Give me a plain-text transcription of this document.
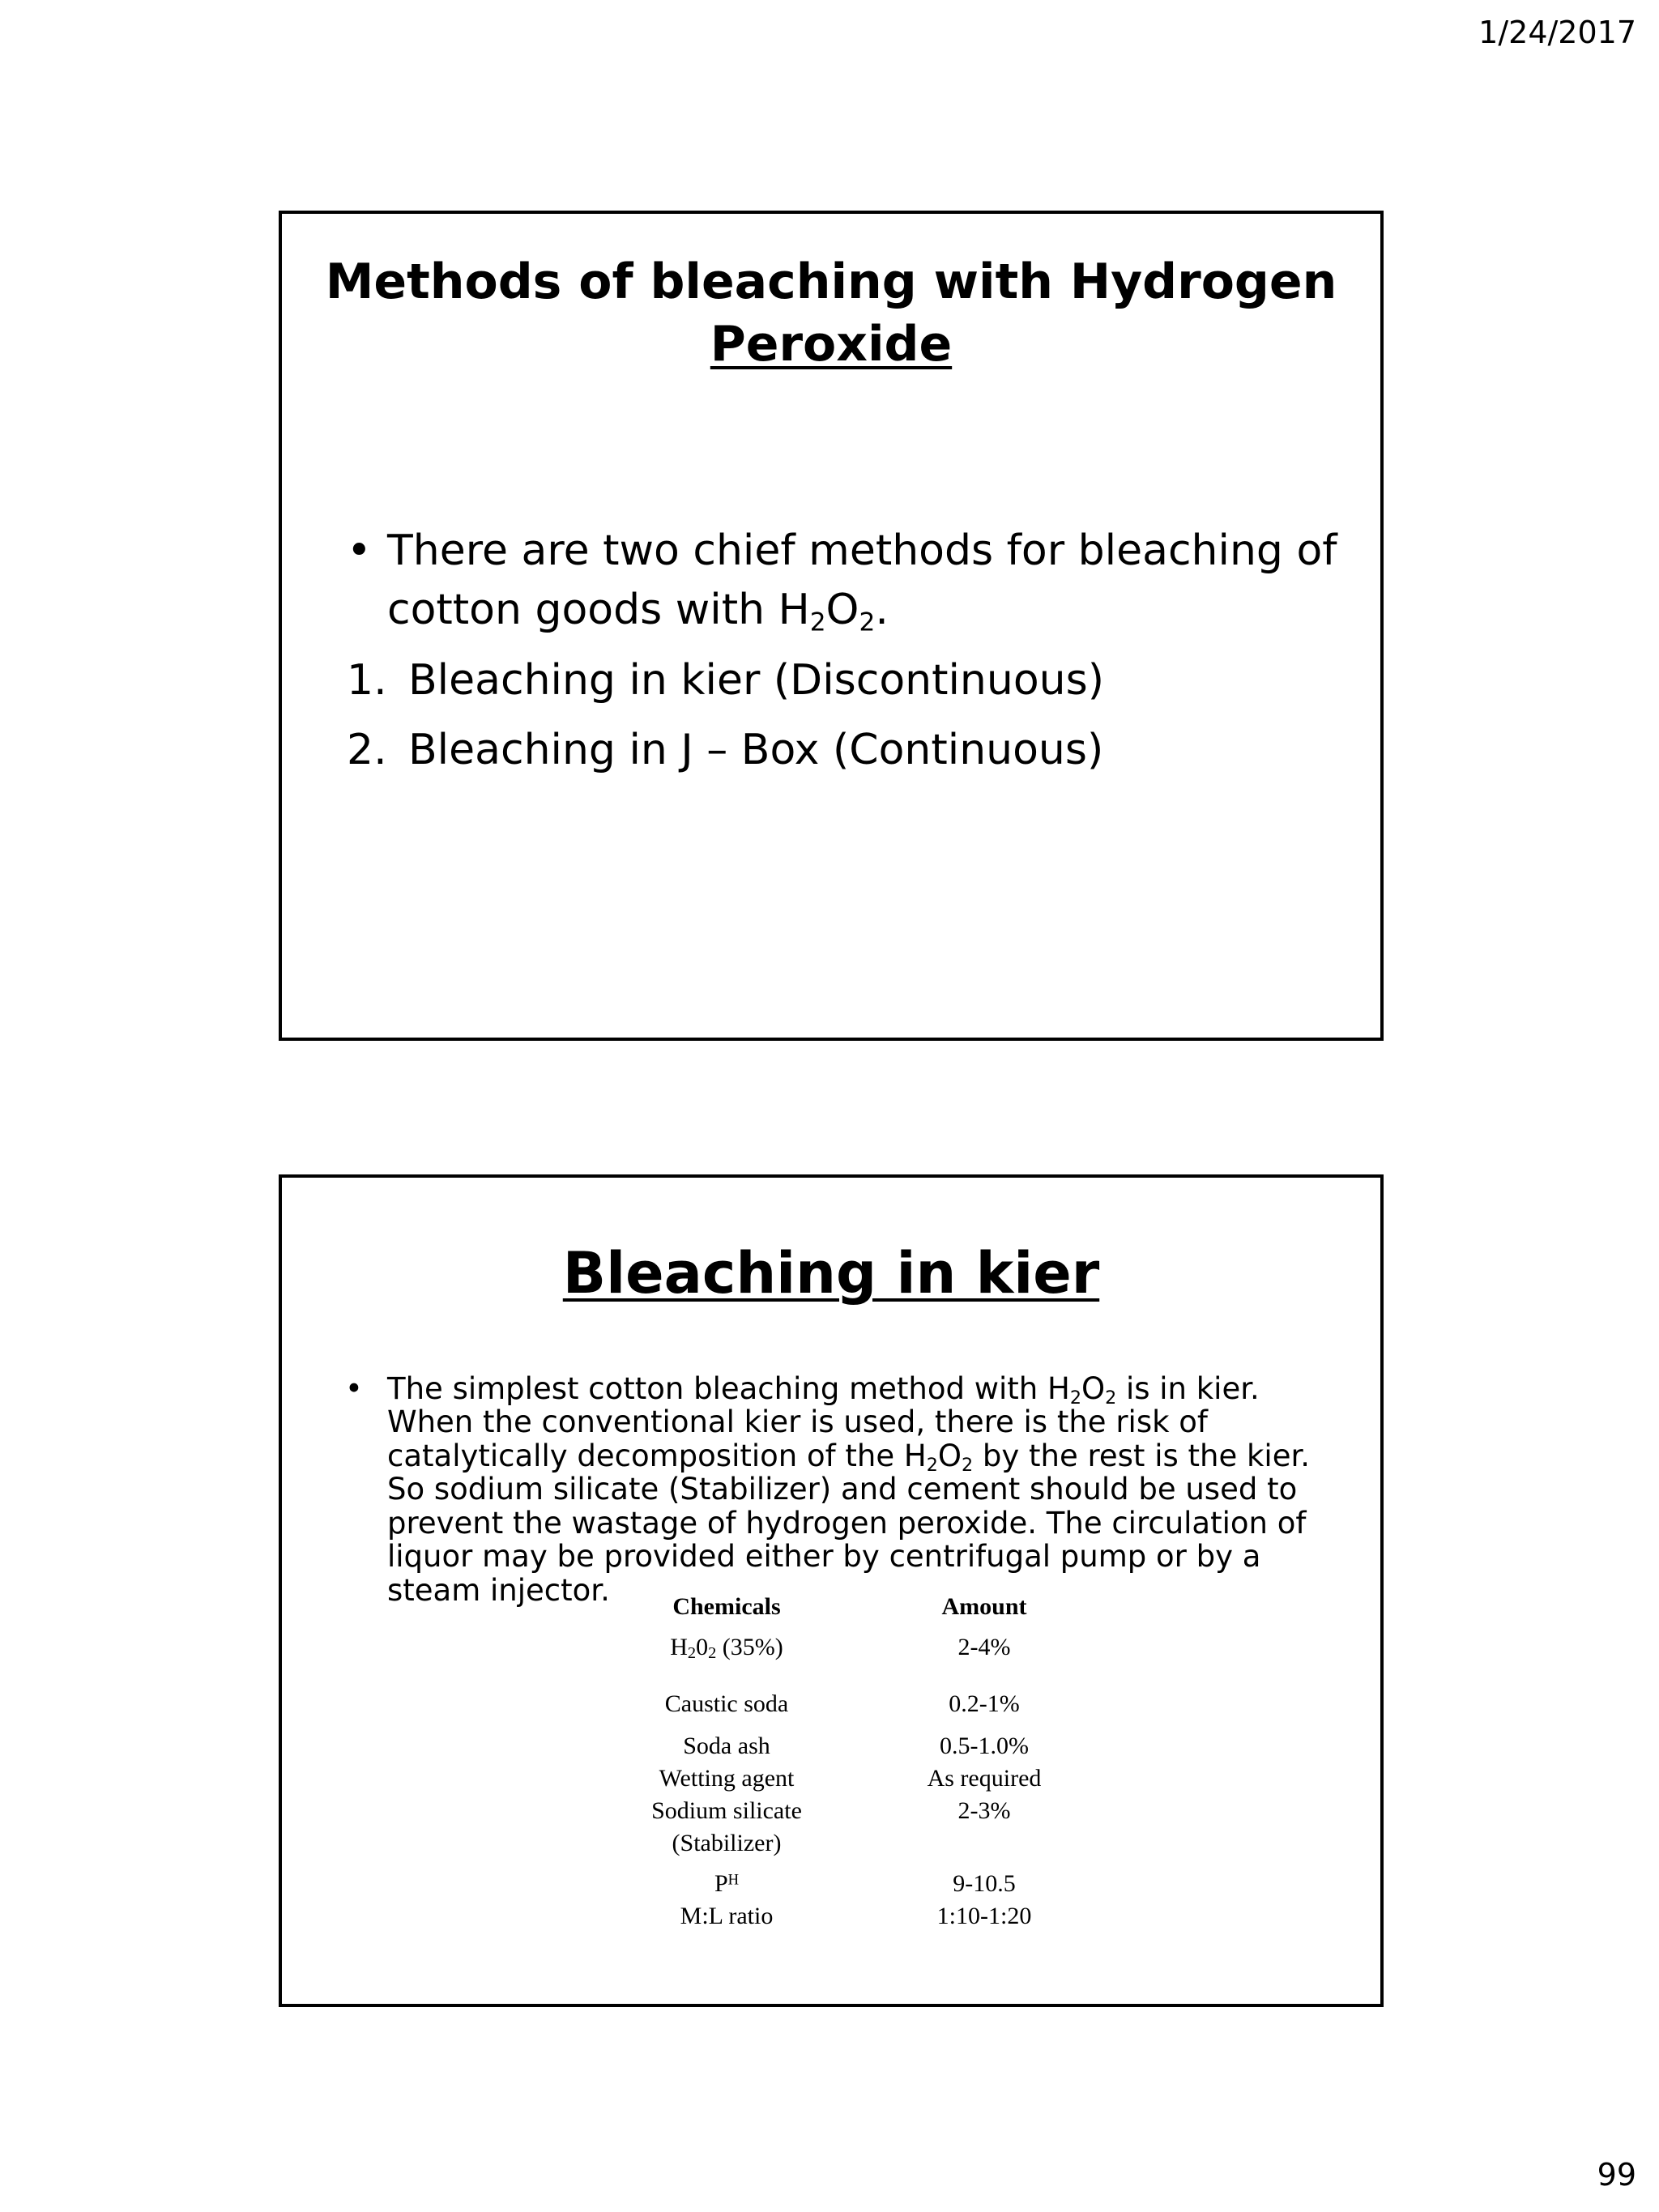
1/24/2017
Methods of bleaching with Hydrogen
Peroxide
• There are two chief methods for bleaching of
cotton goods with $H_2O_2$.
1. Bleaching in kier (Discontinuous)
2. Bleaching in J – Box (Continuous)
Bleaching in kier
• The simplest cotton bleaching method with $H_2O_2$ is in kier. When the conventional kier is used, there is the risk of catalytically decomposition of the $H_2O_2$ by the rest is the kier. So sodium silicate (Stabilizer) and cement should be used to prevent the wastage of hydrogen peroxide. The circulation of liquor may be provided either by centrifugal pump or by a steam injector.	Chemicals	Amount
H202 (35%)	2-4%
Caustic soda	0.2-1%
Soda ash	0.5-1.0%
Wetting agent	As required
Sodium silicate	2-3%
(Stabilizer)
$P^H$	9-10.5
M:L ratio	1:10-1:20
99
